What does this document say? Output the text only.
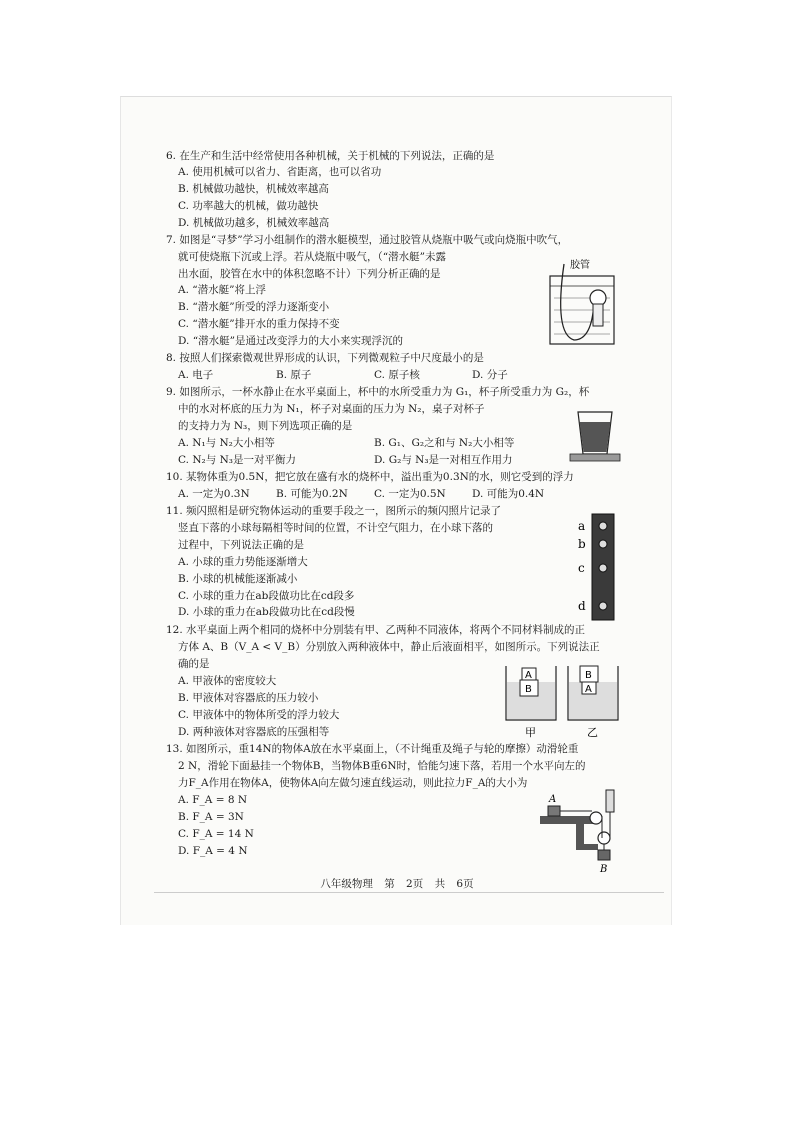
6. 在生产和生活中经常使用各种机械，关于机械的下列说法，正确的是
A. 使用机械可以省力、省距离，也可以省功
B. 机械做功越快，机械效率越高
C. 功率越大的机械，做功越快
D. 机械做功越多，机械效率越高
7. 如图是“寻梦”学习小组制作的潜水艇模型，通过胶管从烧瓶中吸气或向烧瓶中吹气，
就可使烧瓶下沉或上浮。若从烧瓶中吸气，（“潜水艇”未露
出水面，胶管在水中的体积忽略不计）下列分析正确的是
A. “潜水艇”将上浮
B. “潜水艇”所受的浮力逐渐变小
C. “潜水艇”排开水的重力保持不变
D. “潜水艇”是通过改变浮力的大小来实现浮沉的
胶管
8. 按照人们探索微观世界形成的认识，下列微观粒子中尺度最小的是
A. 电子	B. 原子	C. 原子核	D. 分子
9. 如图所示，一杯水静止在水平桌面上，杯中的水所受重力为 G₁，杯子所受重力为 G₂，杯
中的水对杯底的压力为 N₁，杯子对桌面的压力为 N₂，桌子对杯子
的支持力为 N₃，则下列选项正确的是
A. N₁与 N₂大小相等	B. G₁、G₂之和与 N₂大小相等
C. N₂与 N₃是一对平衡力	D. G₂与 N₃是一对相互作用力
10. 某物体重为0.5N，把它放在盛有水的烧杯中，溢出重为0.3N的水，则它受到的浮力
A. 一定为0.3N	B. 可能为0.2N C. 一定为0.5N	D. 可能为0.4N
11. 频闪照相是研究物体运动的重要手段之一，图所示的频闪照片记录了
竖直下落的小球每隔相等时间的位置，不计空气阻力，在小球下落的
过程中，下列说法正确的是
A. 小球的重力势能逐渐增大
B. 小球的机械能逐渐减小
C. 小球的重力在ab段做功比在cd段多
D. 小球的重力在ab段做功比在cd段慢
a
b
c
d
12. 水平桌面上两个相同的烧杯中分别装有甲、乙两种不同液体，将两个不同材料制成的正
方体 A、B（V_A < V_B）分别放入两种液体中，静止后液面相平，如图所示。下列说法正
确的是
A. 甲液体的密度较大
B. 甲液体对容器底的压力较小
C. 甲液体中的物体所受的浮力较大
D. 两种液体对容器底的压强相等
A
B
B
A
甲	乙
13. 如图所示，重14N的物体A放在水平桌面上，（不计绳重及绳子与轮的摩擦）动滑轮重
2 N，滑轮下面悬挂一个物体B，当物体B重6N时，恰能匀速下落，若用一个水平向左的
力F_A作用在物体A，使物体A向左做匀速直线运动，则此拉力F_A的大小为
A. F_A = 8 N
B. F_A = 3N
C. F_A = 14 N
D. F_A = 4 N
A
B
八年级物理 第 2页 共 6页
